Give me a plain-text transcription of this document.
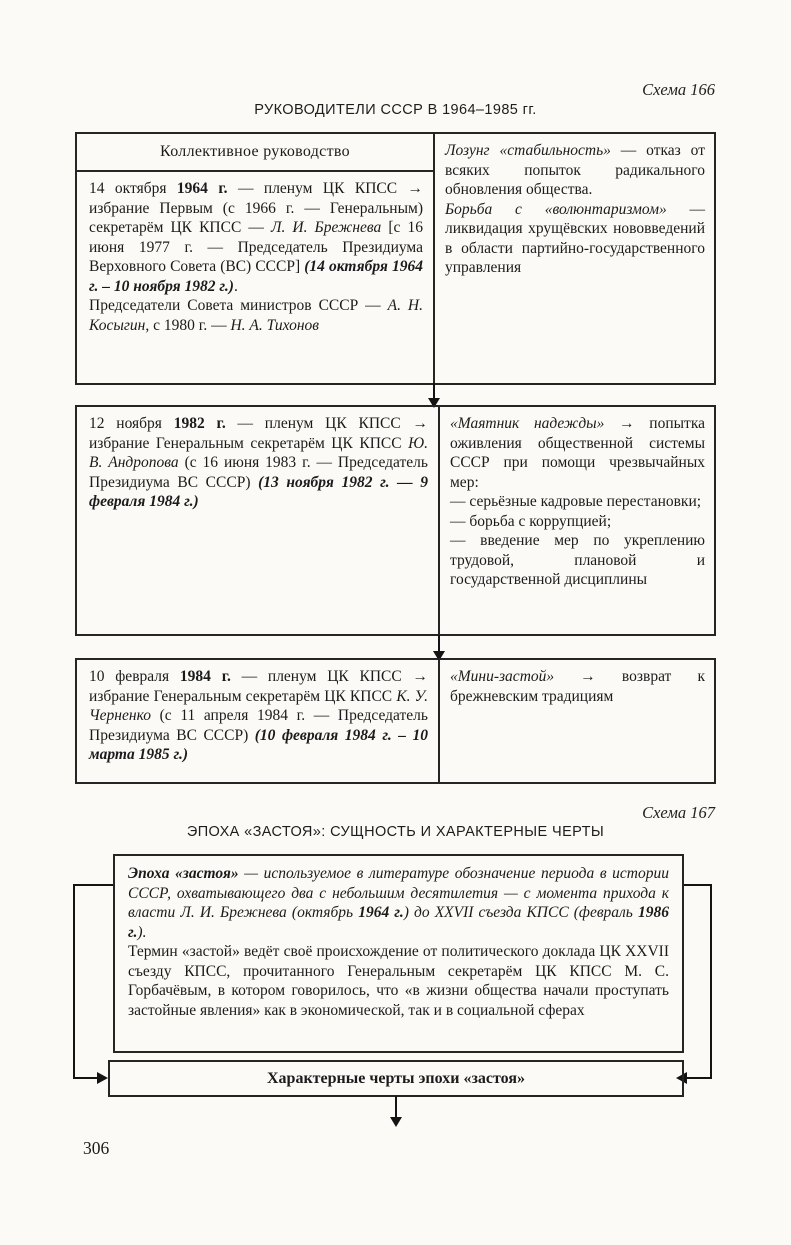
Схема 166
РУКОВОДИТЕЛИ СССР В 1964–1985 гг.
Коллективное руководство

14 октября 1964 г. — пленум ЦК КПСС → избрание Первым (с 1966 г. — Генеральным) секретарём ЦК КПСС — Л. И. Брежнева [с 16 июня 1977 г. — Председатель Президиума Верховного Совета (ВС) СССР] (14 октября 1964 г. – 10 ноября 1982 г.).

Председатели Совета министров СССР — А. Н. Косыгин, с 1980 г. — Н. А. Тихонов

Лозунг «стабильность» — отказ от всяких попыток радикального обновления общества.

Борьба с «волюнтаризмом» — ликвидация хрущёвских нововведений в области партийно-государственного управления

12 ноября 1982 г. — пленум ЦК КПСС → избрание Генеральным секретарём ЦК КПСС Ю. В. Андропова (с 16 июня 1983 г. — Председатель Президиума ВС СССР) (13 ноября 1982 г. — 9 февраля 1984 г.)

«Маятник надежды» → попытка оживления общественной системы СССР при помощи чрезвычайных мер:

— серьёзные кадровые перестановки;

— борьба с коррупцией;

— введение мер по укреплению трудовой, плановой и государственной дисциплины

10 февраля 1984 г. — пленум ЦК КПСС → избрание Генеральным секретарём ЦК КПСС К. У. Черненко (с 11 апреля 1984 г. — Председатель Президиума ВС СССР) (10 февраля 1984 г. – 10 марта 1985 г.)

«Мини-застой» → возврат к брежневским традициям

Схема 167
ЭПОХА «ЗАСТОЯ»: СУЩНОСТЬ И ХАРАКТЕРНЫЕ ЧЕРТЫ

Эпоха «застоя» — используемое в литературе обозначение периода в истории СССР, охватывающего два с небольшим десятилетия — с момента прихода к власти Л. И. Брежнева (октябрь 1964 г.) до XXVII съезда КПСС (февраль 1986 г.).

Термин «застой» ведёт своё происхождение от политического доклада ЦК XXVII съезду КПСС, прочитанного Генеральным секретарём ЦК КПСС М. С. Горбачёвым, в котором говорилось, что «в жизни общества начали проступать застойные явления» как в экономической, так и в социальной сферах

Характерные черты эпохи «застоя»
306
